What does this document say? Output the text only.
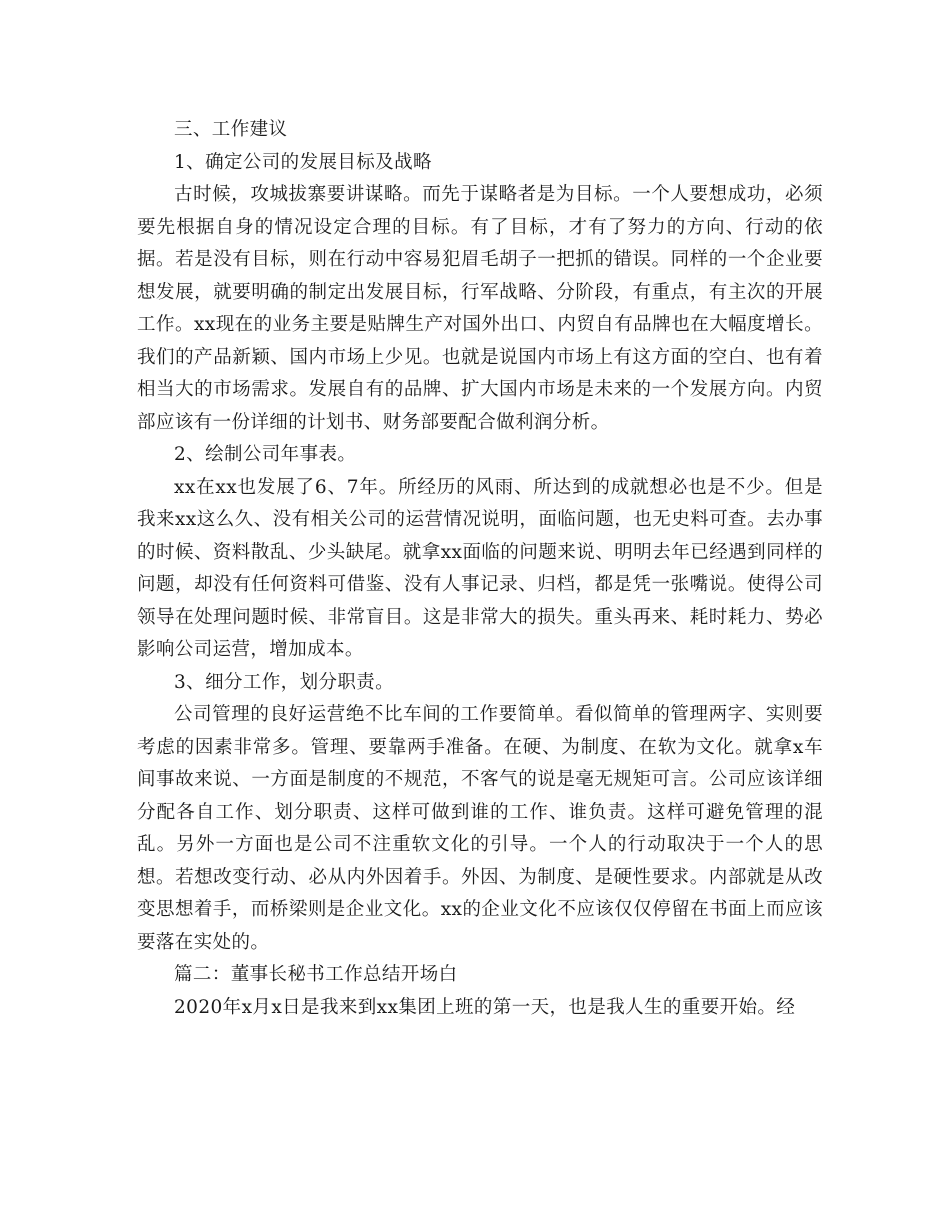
三、工作建议

1、确定公司的发展目标及战略

古时候，攻城拔寨要讲谋略。而先于谋略者是为目标。一个人要想成功，必须要先根据自身的情况设定合理的目标。有了目标，才有了努力的方向、行动的依据。若是没有目标，则在行动中容易犯眉毛胡子一把抓的错误。同样的一个企业要想发展，就要明确的制定出发展目标，行军战略、分阶段，有重点，有主次的开展工作。xx现在的业务主要是贴牌生产对国外出口、内贸自有品牌也在大幅度增长。我们的产品新颖、国内市场上少见。也就是说国内市场上有这方面的空白、也有着相当大的市场需求。发展自有的品牌、扩大国内市场是未来的一个发展方向。内贸部应该有一份详细的计划书、财务部要配合做利润分析。

2、绘制公司年事表。

xx在xx也发展了6、7年。所经历的风雨、所达到的成就想必也是不少。但是我来xx这么久、没有相关公司的运营情况说明，面临问题，也无史料可查。去办事的时候、资料散乱、少头缺尾。就拿xx面临的问题来说、明明去年已经遇到同样的问题，却没有任何资料可借鉴、没有人事记录、归档，都是凭一张嘴说。使得公司领导在处理问题时候、非常盲目。这是非常大的损失。重头再来、耗时耗力、势必影响公司运营，增加成本。

3、细分工作，划分职责。

公司管理的良好运营绝不比车间的工作要简单。看似简单的管理两字、实则要考虑的因素非常多。管理、要靠两手准备。在硬、为制度、在软为文化。就拿x车间事故来说、一方面是制度的不规范，不客气的说是毫无规矩可言。公司应该详细分配各自工作、划分职责、这样可做到谁的工作、谁负责。这样可避免管理的混乱。另外一方面也是公司不注重软文化的引导。一个人的行动取决于一个人的思想。若想改变行动、必从内外因着手。外因、为制度、是硬性要求。内部就是从改变思想着手，而桥梁则是企业文化。xx的企业文化不应该仅仅停留在书面上而应该要落在实处的。

篇二：董事长秘书工作总结开场白

2020年x月x日是我来到xx集团上班的第一天，也是我人生的重要开始。经
